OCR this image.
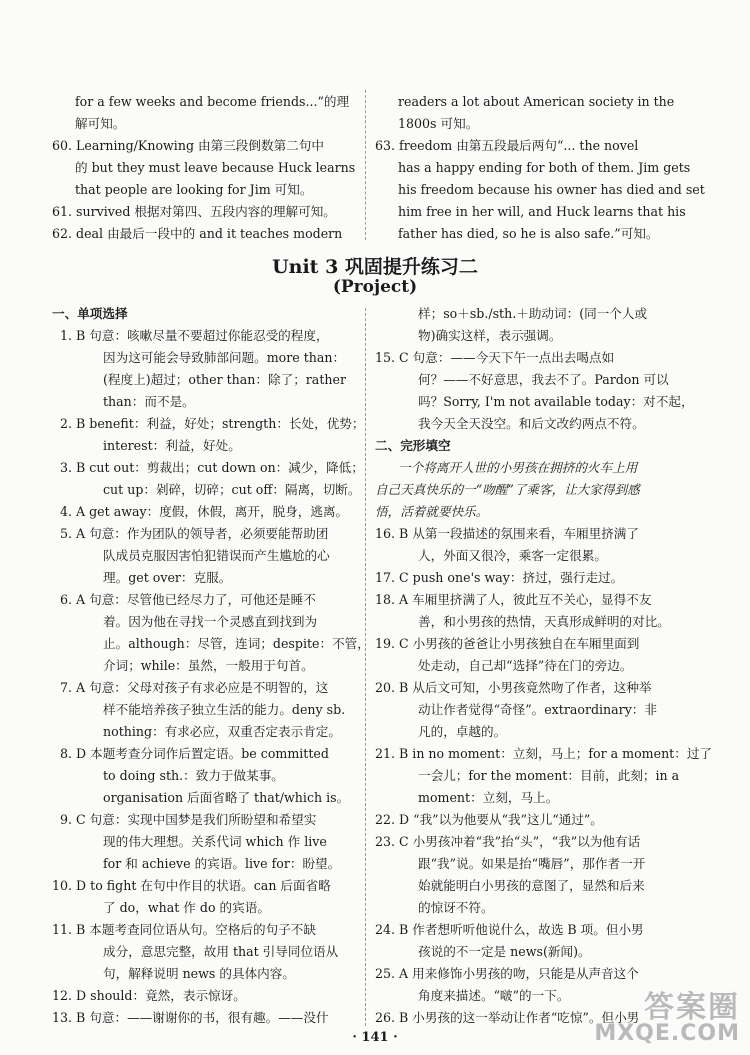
for a few weeks and become friends...”的理
解可知。
60. Learning/Knowing 由第三段倒数第二句中
的 but they must leave because Huck learns
that people are looking for Jim 可知。
61. survived 根据对第四、五段内容的理解可知。
62. deal 由最后一段中的 and it teaches modern
readers a lot about American society in the
1800s 可知。
63. freedom 由第五段最后两句“... the novel
has a happy ending for both of them. Jim gets
his freedom because his owner has died and set
him free in her will, and Huck learns that his
father has died, so he is also safe.”可知。
Unit 3 巩固提升练习二
(Project)
一、单项选择
1. B 句意：咳嗽尽量不要超过你能忍受的程度，
因为这可能会导致肺部问题。more than：
(程度上)超过；other than：除了；rather
than：而不是。
2. B benefit：利益，好处；strength：长处，优势；
interest：利益，好处。
3. B cut out：剪裁出；cut down on：减少，降低；
cut up：剁碎，切碎；cut off：隔离，切断。
4. A get away：度假，休假，离开，脱身，逃离。
5. A 句意：作为团队的领导者，必须要能帮助团
队成员克服因害怕犯错误而产生尴尬的心
理。get over：克服。
6. A 句意：尽管他已经尽力了，可他还是睡不
着。因为他在寻找一个灵感直到找到为
止。although：尽管，连词；despite：不管，
介词；while：虽然，一般用于句首。
7. A 句意：父母对孩子有求必应是不明智的，这
样不能培养孩子独立生活的能力。deny sb.
nothing：有求必应，双重否定表示肯定。
8. D 本题考查分词作后置定语。be committed
to doing sth.：致力于做某事。
organisation 后面省略了 that/which is。
9. C 句意：实现中国梦是我们所盼望和希望实
现的伟大理想。关系代词 which 作 live
for 和 achieve 的宾语。live for：盼望。
10. D to fight 在句中作目的状语。can 后面省略
了 do，what 作 do 的宾语。
11. B 本题考查同位语从句。空格后的句子不缺
成分，意思完整，故用 that 引导同位语从
句，解释说明 news 的具体内容。
12. D should：竟然，表示惊讶。
13. B 句意：——谢谢你的书，很有趣。——没什
样；so＋sb./sth.＋助动词：(同一个人或
物)确实这样，表示强调。
15. C 句意：——今天下午一点出去喝点如
何？——不好意思，我去不了。Pardon 可以
吗？Sorry, I'm not available today：对不起，
我今天全天没空。和后文改约两点不符。
二、完形填空
一个将离开人世的小男孩在拥挤的火车上用
自己天真快乐的一“吻醒”了乘客，让大家得到感
悟，活着就要快乐。
16. B 从第一段描述的氛围来看，车厢里挤满了
人，外面又很冷，乘客一定很累。
17. C push one's way：挤过，强行走过。
18. A 车厢里挤满了人，彼此互不关心，显得不友
善，和小男孩的热情，天真形成鲜明的对比。
19. C 小男孩的爸爸让小男孩独自在车厢里面到
处走动，自己却“选择”待在门的旁边。
20. B 从后文可知，小男孩竟然吻了作者，这种举
动让作者觉得“奇怪”。extraordinary：非
凡的，卓越的。
21. B in no moment：立刻，马上；for a moment：过了
一会儿；for the moment：目前，此刻；in a
moment：立刻，马上。
22. D “我”以为他要从“我”这儿“通过”。
23. C 小男孩冲着“我”抬“头”，“我”以为他有话
跟“我”说。如果是抬“嘴唇”，那作者一开
始就能明白小男孩的意图了，显然和后来
的惊讶不符。
24. B 作者想听听他说什么，故选 B 项。但小男
孩说的不一定是 news(新闻)。
25. A 用来修饰小男孩的吻，只能是从声音这个
角度来描述。“啵”的一下。
26. B 小男孩的这一举动让作者“吃惊”。但小男
· 141 ·
答案圈
MXQE.COM
